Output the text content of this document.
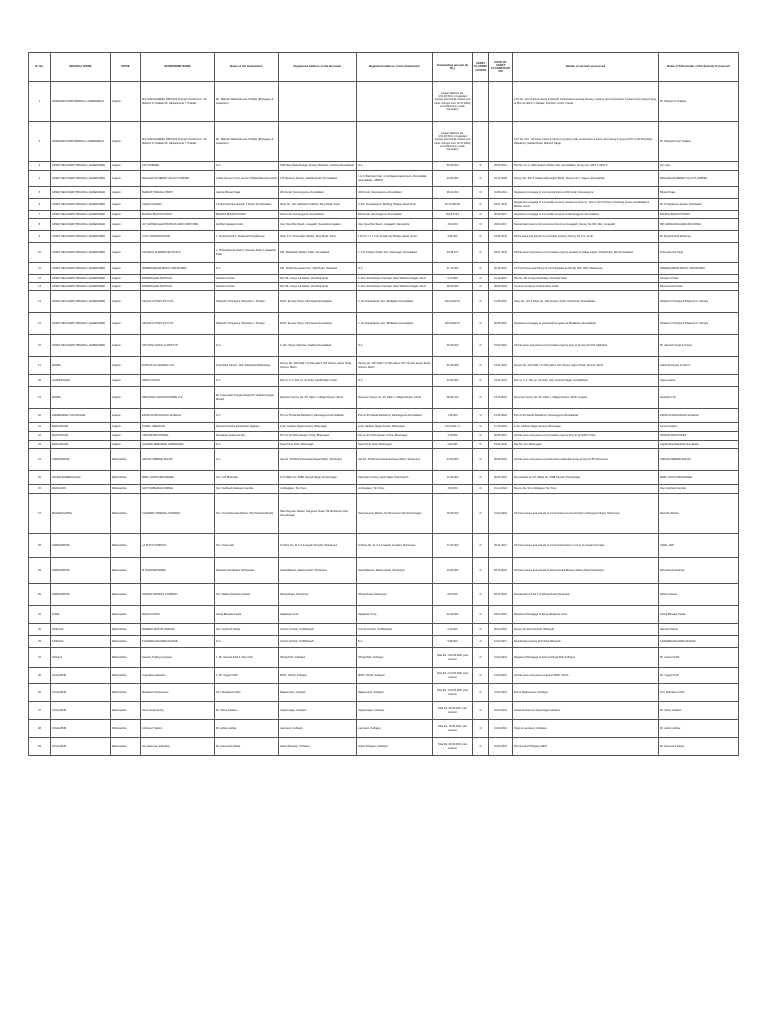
Sr. No.	BRANCH_NAME	STATE	BORROWER NAME	Name of the Guarantor/s	Registered Address of the Borrower	Registered address of the Guarantor/s	Outstanding amount (in Rs.)	ASSET CLASSIFICATION	DATE OF ASSET CLASSIFICATION	Details of security possessed	Name of Title Holder of the Security Possessed
1	ASSETRECOVERYBRANCH, AHMEDABAD	Gujarat	M/S SHRI RAMDEV RBITOLS Through its Partners:- Mr. Mahesh H Thakkar Mr. Rajeshkumar T Thakkar	Ms. Mahesh Maheshkumar Thakkar (Mortgagor & Guarantor)			Ledger Balance Rs. 4,01,40,531/- (Unapplied interest plus Penal interest and other charges from 02.07.2020) (Conditional by mode thereafter)			L/37 No. 421 of Shree Geeta & Sainath Cooperative Housing Society, property with construction & future there being & lying at Plot No 421/1 in Nadiad, Sub-Dist. & Dist. Kheda	Mr. Mahesh H Thakkar
2	ASSETRECOVERYBRANCH, AHMEDABAD	Gujarat	M/S SHRI RAMDEV RBITOLS Through its Partners:- Mr. Mahesh H Thakkar Mr. Rajeshkumar T Thakkar	Ms. Mahesh Maheshkumar Thakkar (Mortgagor & Guarantor)			Ledger Balance Rs. 4,01,40,531/- (Unapplied interest plus Penal interest and other charges from 02.07.2020) (Conditional by mode thereafter)			L/37 No. 421 - All those pieces & parcel of property with construction & future there being & lying at Plot no 35 Shantiban Residency, Nadiad Road, Mahesh Nagar	Mr. Maheshkumar Thakkar
3	ASSET RECOVERY BRANCH, AHMEDABAD	Gujarat	ANI VIVIERRE	N.A	4/28 Near Maheshnagar Society, Barbarik, Chharsa Ahmedabad	N.A	50,60,000	S	25.09.2014	Plot No. 10-1, GIDC Estate Chhiba, Dist. Ahmedabad, Survey No. 2007 & 1962 P	Ani vivier
4	ASSET RECOVERY BRANCH, AHMEDABAD	Gujarat	BAGHAVLAD MERRY ALLOYS LIMITED	1 Ravi Kumar 2 Arvin Verma 3 Bhikal Baruchen Patel	176 Nandura Society, Satellite Road, Ahmedabad	1 & 2, Brahmani Flat, nr Ambigama Apartment, Ahmedabad, Ahmedabad - 380015	20,00,000	D	31.12.2009	Survey No. 307 & Village Mehmadpur Block, Survey No 1, Rajpur, Ahmedabad	BAGHAVLAD MERRY ALLOYS LIMITED
5	ASSET RECOVERY BRANCH, AHMEDABAD	Gujarat	BHARAT PRAVAAL PRINT	Harsha Bharat Prajat	204 Furah, Navrangpura, Ahmedabad	204 Furah, Navrangpura, Ahmedabad	36,91,000	D	31.08.2013	Registered mortgage of commercial shop at 204 Furah, Navrangpura	Bharat Prajat
6	ASSET RECOVERY BRANCH, AHMEDABAD	Gujarat	CHHAJ NAGRAJ	1 Pravinchandra Hussain 2 Pravin R Hubchalam	Shop No. 102, Mahalaxmi Market, Ring Road, Surat	C-4/1, Pushpakunj 2, Building, Bhattar Road Surat	46,70,050.00	D	15.07.2022	Registered mortgage of immovable property situated at shop no. 102 on the first floor of building known as Mahalaxmi Market, Surat	Mr. Pushpakunj Hussain Hubchalam
7	ASSET RECOVERY BRANCH, AHMEDABAD	Gujarat	BHUPAL BHUPAT POPAT	BHUPAT BHUPAT POPAT	203 Furah, Navrangpura, Ahmedabad	203 Furah, Navrangpura, Ahmedabad	78,02,673.4	D	30.09.2017	Registered mortgage of immovable property at Navrangpura, Ahmedabad	BHUPAL BHUPAT POPAT
8	ASSET RECOVERY BRANCH, AHMEDABAD	Gujarat	JAY GIRNAR ELECTRONICS AND FURNITURE	Girdhari Harakjur Doshi	Opp. New Bus Stand, Junagadh, Saurashtra Gujarat	Opp. New Bus Stand, Junagadh, Saurashtra	4,52,000	D	29.03.2017	Residential property with structure thereon at Junagadh, Survey No 453, Dist. Junagadh	MR GIRDHARI HARAKJUR DOSHI
9	ASSET RECOVERY BRANCH, AHMEDABAD	Gujarat	JYOTI INTERNATIONAL	1. Sureshchand 2. Mudamal Sureshkumar	Shop 171, Shree Ram Market, Ring Road, Surat	1 B N K T J 7 C/4, Ghoda City Bhatar Hasda, Surat	3,06,000	D	19.05.2022	All the piece and parcel of immovable property Survey No 171, Surat	Mr Sureshchand Mudamal
10	ASSET RECOVERY BRANCH, AHMEDABAD	Gujarat	KHUSHAL PHARMACEUTICALS	1. Pramodkumar Patel 2. Ramesh Patel 3. Maganlal Patel	203, Madhuban Market, Paldi, Ahmedabad	1. 2 & 3 Mayur Pankh Soc. Maninagar, Ahmedabad	40,69,977	D	25.07.2022	All that piece and parcel of immovable property situated at Village Lilapur, Dhandhuka, Dist Ahmedabad	Pramodkumar Patel
11	ASSET RECOVERY BRANCH, AHMEDABAD	Gujarat	PARMESHWARI METAL INDUSTRIES	N.A	204, Prabhodya Apartment, Tilak Road, Vadodara	N.A	27,10,000	D	30.10.2007	All That Pieces and Parcel of Land Situated at Plot No 205, GIDC Makarpura	PARMESHWARI METAL INDUSTRIES
12	ASSET RECOVERY BRANCH, AHMEDABAD	Gujarat	RAMKRISHNA TEXTILES	Hussain S Patel	Plot 28, Umiya Ind Estate, Dumbhal Surat	C-101, Rameshwar Township, Near Mahatma Nagar, Surat	9,70,000	D	31.12.2014	Plot No. 28, Umiya Ind Estate, Dumbhal Surat	Hussain S Patel
13	ASSET RECOVERY BRANCH, AHMEDABAD	Gujarat	RAMKRISHNA TEXTILES	Hussain S Patel	Plot 28, Umiya Ind Estate, Dumbhal Surat	C-101, Rameshwar Township, Near Mahatma Nagar, Surat	48,00,000	D	08.08.2022	Common property of ramkrishna textile	Bhuvaneswar Patel
14	ASSET RECOVERY BRANCH, AHMEDABAD	Gujarat	SILVAN COTTEX PVT LTD	Shailesh N Pandya 2. Bhavesh C. Pandya	30/47, Empire Tower, Panchwati Ahmedabad	1. 2a Chandrakiran Soc, Bodakdev Ahmedabad	38,09,522.67	D	31.08.2015	Shop No. 107 & Shop No. 108, Empire Tower, Panchwati, Ahmedabad	Shailesh N Pandya & Bhavesh C. Pandya
15	ASSET RECOVERY BRANCH, AHMEDABAD	Gujarat	SILVAN COTTEX PVT LTD	Shailesh N Pandya 2. Bhavesh C. Pandya	30/47, Empire Tower, Panchwati Ahmedabad	1. 2a Chandrakiran Soc, Bodakdev Ahmedabad	38,09,522.67	D	30.08.2015	Registered mortgage of residential bungalow at Bodakdev, Ahmedabad	Shailesh N Pandya & Bhavesh C. Pandya
16	ASSET RECOVERY BRANCH, AHMEDABAD	Gujarat	SANTOSH SINGH & KRISTYN	N.A.	C-110, Shyam Darshan, Nadiad Ahmedabad	N.A.	26,00,000	D	15.04.2016	All that piece and parcel of immovable property lying at Survey No 203, Mahudha	Mr. Santosh Singh & Kristyn
17	MORBI	Gujarat	EVAN PLUS CERAMIC LLP	Pravinbhai Kanani, Jatin Ratanbhai Bhaloodiya	Survey No. 240 Paiki 7 & 240 paiki 2, 8th Ghuntu Jetpur Road, Ghuntu, Morbi	Survey No. 240 Paiki 7 & 240 paiki 2, 8th, Ghuntu Jetpur Road, Ghuntu, Morbi	62,99,998	D	31.01.2022	Survey No. 240 Paiki 7 & 240 paiki 2, 8th Ghuntu Jetpur Road, Ghuntu, Morbi	Jatinbhai Kanani & Others
18	GANDHIDHAM	Gujarat	SAPNA GUPTA	N.A	Flat no. F-1, Plot no. 61 Ankit, Gandhidham Kutch	N.A	10,00,000	D	21.01.2021	Flat no. F-1, Plot no. 61 Ankit, Opp. Ganesh Nagar, Gandhidham	Sapna Gupta
19	MORBI	Gujarat	DEVKRISHI SANITARYWARE LLP	Mr. Kusumakar Durgat Murarji Mr. Hirabhai Durgat Murarji	Revenue Survey No. 66, Paiki 1, Village Ranpur, Morbi	Revenue Survey No. 66, Paiki 1, Village Ranpur, Morbi	28,99,702	D	18.10.2022	Revenue Survey No. 66, Paiki 1, Village Ranpur, Morbi, Gujarat	Devkrishi LLP
20	AHMEDABAD VIJAYNAGAR	Gujarat	ZAKIR ALTAFHUSAIN LALIWALA	N.A	Plot no 55 Zainab Residency Navrangpura Ahmedabad	Plot no 55 Zainab Residency Navrangpura Ahmedabad	1,30,000	D	12.05.2022	Plot no 55 Zainab Residency, Navrangpura Ahmedabad	ZAKIR ALTAFHUSAIN LALIWALA
21	BHAVNAGAR	Gujarat	KOMAL CREATION	Rameshchandra Karsanbhai Jagatani	A-20, Jaideep Nagar Society, Bhavnagar	A-20, Jaideep Nagar Society, Bhavnagar	13,00,021.71	D	27.10.2019	A-20, Jaideep Nagar Society, Bhavnagar	Komal creation
22	BHAVNAGAR	Gujarat	VIKRAM INDUSTRIES	Ramkaran Sadarmal Jain	Plot no 42 GIDC Estate, Chitra, Bhavnagar	Plot no 42 GIDC Estate, Chitra, Bhavnagar	3,78,659	D	30.06.2013	All that piece and parcel of immovable property Plot no 42 GIDC Chitra	VIKRAM INDUSTRIES
23	BHAVNAGAR	Gujarat	JAGDISH BABUBHAI JINMAKARIA	N.A	Near Prime Vihar, Bhavnagar	Near Prime Vihar, Bhavnagar	2,60,000	D	31.01.2020	Flat No. 2/A, Bhavnagar	Jagdishbhai Babubhai Jinmakaria
24	SHRIRAMPUR	Maharashtra	OMKAR AMBADE MAHTA	N.A.	Gat No. 55 Behind Grampanchayat Office, Shrirampur	Gat No. 55 Behind Grampanchayat Office, Shrirampur	23,00,000	D	06.08.2019	All that piece and parcel of constructed residential house at Gat No 55 Shrirampur	OMKAR AMBADE MAHTA
25	SAVEDI AHMEDNAGAR	Maharashtra	BABU JANTIN BHANDARE	Smt. S B Bhandare	G.P. Milkat No. 5088, Savedi Nagar, Ahmednagar	Panchatva Colony, Near Water Tank Savedi	12,90,000	D	06.09.2019	Flat situated at G.P. Milkat No. 5088 Savedi, Ahmednagar	BABU JANTIN BHANDARE
26	WADGAON	Maharashtra	GOPI SUBHASH KAMBLE	Smt. Subhash Dattaram Kamble	At Wadgaon, Tal. Pune	At Wadgaon, Tal. Pune	4,62,000	D	01.12.2022	Survey No. 91 at Wadgaon Tal. Pune	Gopi Subhash Kamble
27	MAHARASHTRA	Maharashtra	CHANDRA TRADING COMPANY	Smt. Vimal Ravindra Borkar, Shri Ravindra Borkar	Near Nayman Market, Nangnoor Road, Tal Shrirampur Dist Ahmednagar	Near Nayman Market, Tal Shrirampur Dist Ahmednagar	15,00,000	D	31.03.2022	All those pieces and parcels of constructed commercial shop at Nangnoor Road, Shrirampur	Ravindra Borkar
28	SHRIRAMPUR	Maharashtra	LA PHOT COMPANY	Smt. Vimal Jain	At Shop No. 11 to 14 Gayatri Complex Shrirampur	At Shop No. 11 to 14 Gayatri Complex Shrirampur	17,00,000	D	30.01.2017	All those pieces and parcels of constructed shops no 11 to 14 Gayatri Complex	VIMAL JAIN
29	SHRIRAMPUR	Maharashtra	M R ENTERPRISES	Ramnath Nandkishor Deshpande	Gokul Bhavan, Station Road, Shrirampur	Gokul Bhavan, Station Road, Shrirampur	14,00,000	D	28.10.2019	All those pieces and parcels of land at Gokul Bhavan Station Road Shrirampur	Ramnath Deshpande
30	SHRIRAMPUR	Maharashtra	SHIVAM TRADING COMPANY	Smt. Rekha Subhash Chavan	Shivaji Road, Shrirampur	Shivaji Road, Shrirampur	8,00,000	D	28.12.2019	Residential Unit No 1 at Shivaji Road Shrirampur	Rekha Chavan
31	PUNE	Maharashtra	BHUVI FOODS	Ashok Bhaskar Pawar	Hadapsar, Pune	Hadapsar, Pune	22,00,000	D	23.03.2016	Registered Mortgage of flat at Hadapsar, Pune	Ashok Bhaskar Pawar
32	KINHOLE	Maharashtra	RAMESH MOTOR PARKAR	Smt. Sunita R Parkar	At Post Kinhole, Tal Bhiwandi	At Post Kinhole, Tal Bhiwandi	5,20,000	D	30.03.2019	Survey No 29 at Kinhole, Bhiwandi	Ramesh Parkar
33	KINHOLE	Maharashtra	CHANDRA DHANRAJ RANGE	N.A.	At Post Kinhole, Tal Bhiwandi	N.A.	5,08,000	D	31.03.2017	Residential property at Kinhole Bhiwandi	CHANDRA DHANRAJ RANGE
34	Kolhapur	Maharashtra	Ganesh Trading Company	1. Mr. Ganesh Patil 2. Mrs. Patil	Shivaji Peth, Kolhapur	Shivaji Peth, Kolhapur	Total Rs. 1,90,00,000/- plus interest	D	31.03.2021	Registered Mortgage of land at Shivaji Peth Kolhapur	Mr. Ganesh Patil
35	KOLHAPUR	Maharashtra	Yoginatha Industries	1. Mr. Yogesh Patil	MIDC, Shiroli, Kolhapur	MIDC, Shiroli, Kolhapur	Total Rs. 2,10,00,000/- plus interest	D	31.03.2021	All that piece and parcel of land at MIDC Shiroli	Mr. Yogesh Patil
36	KOLHAPUR	Maharashtra	Mahalaxmi Enterprises	Smt. Mahalaxmi Patil	Rajarampuri, Kolhapur	Rajarampuri, Kolhapur	Total Rs. 1,00,00,000/- plus interest	D	31.03.2021	Flat at Rajarampuri, Kolhapur	Smt. Mahalaxmi Patil
37	KOLHAPUR	Maharashtra	Shree Engineering	Mr. Shree Kulkarni	Udyamnagar, Kolhapur	Udyamnagar, Kolhapur	Total Rs. 90,00,000/- plus interest	D	31.03.2021	Industrial shed at Udyamnagar Kolhapur	Mr. Shree Kulkarni
38	KOLHAPUR	Maharashtra	Ashirwad Traders	Mr. Ashok Jadhav	Laxmipuri, Kolhapur	Laxmipuri, Kolhapur	Total Rs. 75,00,000/- plus interest	D	31.03.2021	Shop at Laxmipuri, Kolhapur	Mr. Ashok Jadhav
39	KOLHAPUR	Maharashtra	Jay Hanuman Industries	Mr. Hanumant Pawar	Gokul Shirgaon, Kolhapur	Gokul Shirgaon, Kolhapur	Total Rs. 60,00,000/- plus interest	D	31.03.2021	Plot at Gokul Shirgaon MIDC	Mr. Hanumant Pawar
